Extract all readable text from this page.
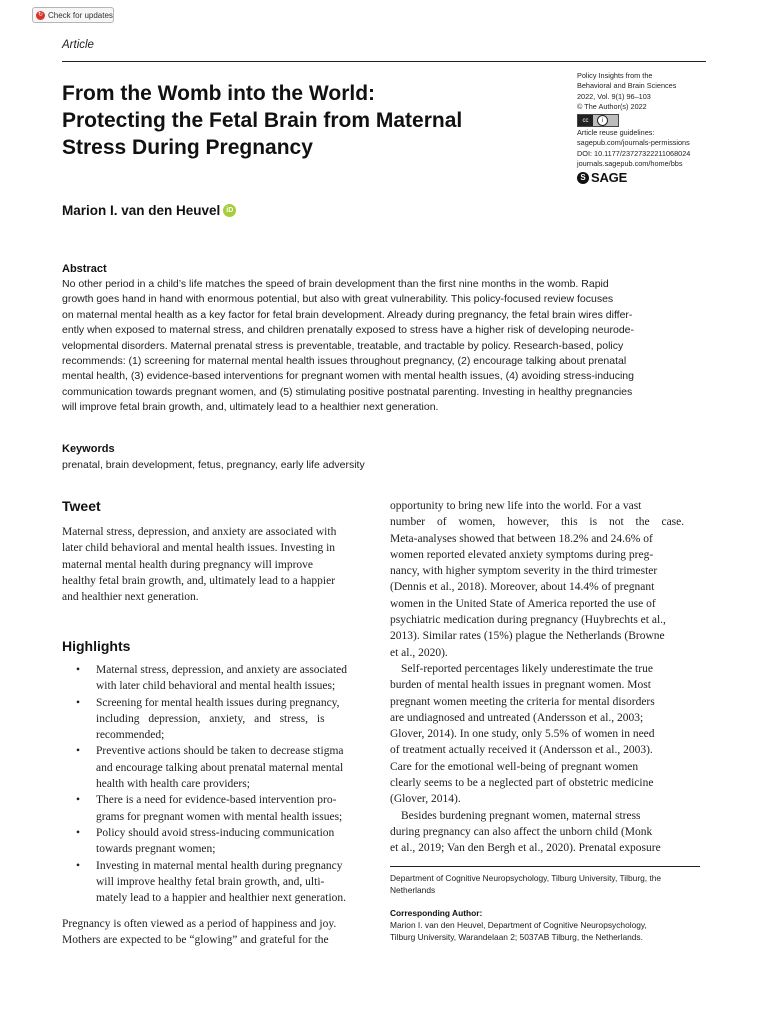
↻ Check for updates
Article
From the Womb into the World:
Protecting the Fetal Brain from Maternal
Stress During Pregnancy
Policy Insights from the
Behavioral and Brain Sciences
2022, Vol. 9(1) 96–103
© The Author(s) 2022
cc	i
Article reuse guidelines:
sagepub.com/journals-permissions
DOI: 10.1177/23727322211068024
journals.sagepub.com/home/bbs
S SAGE
Marion I. van den Heuvel iD
Abstract
No other period in a child’s life matches the speed of brain development than the first nine months in the womb. Rapid
growth goes hand in hand with enormous potential, but also with great vulnerability. This policy-focused review focuses
on maternal mental health as a key factor for fetal brain development. Already during pregnancy, the fetal brain wires differ-
ently when exposed to maternal stress, and children prenatally exposed to stress have a higher risk of developing neurode-
velopmental disorders. Maternal prenatal stress is preventable, treatable, and tractable by policy. Research-based, policy
recommends: (1) screening for maternal mental health issues throughout pregnancy, (2) encourage talking about prenatal
mental health, (3) evidence-based interventions for pregnant women with mental health issues, (4) avoiding stress-inducing
communication towards pregnant women, and (5) stimulating positive postnatal parenting. Investing in healthy pregnancies
will improve fetal brain growth, and, ultimately lead to a healthier next generation.
Keywords
prenatal, brain development, fetus, pregnancy, early life adversity
Tweet
Maternal stress, depression, and anxiety are associated with
later child behavioral and mental health issues. Investing in
maternal mental health during pregnancy will improve
healthy fetal brain growth, and, ultimately lead to a happier
and healthier next generation.
Highlights
• Maternal stress, depression, and anxiety are associated
with later child behavioral and mental health issues;
• Screening for mental health issues during pregnancy,
including depression, anxiety, and stress, is
recommended;
• Preventive actions should be taken to decrease stigma
and encourage talking about prenatal maternal mental
health with health care providers;
• There is a need for evidence-based intervention pro-
grams for pregnant women with mental health issues;
• Policy should avoid stress-inducing communication
towards pregnant women;
• Investing in maternal mental health during pregnancy
will improve healthy fetal brain growth, and, ulti-
mately lead to a happier and healthier next generation.
Pregnancy is often viewed as a period of happiness and joy.
Mothers are expected to be “glowing” and grateful for the
opportunity to bring new life into the world. For a vast
number of women, however, this is not the case.
Meta-analyses showed that between 18.2% and 24.6% of
women reported elevated anxiety symptoms during preg-
nancy, with higher symptom severity in the third trimester
(Dennis et al., 2018). Moreover, about 14.4% of pregnant
women in the United State of America reported the use of
psychiatric medication during pregnancy (Huybrechts et al.,
2013). Similar rates (15%) plague the Netherlands (Browne
et al., 2020).
Self-reported percentages likely underestimate the true
burden of mental health issues in pregnant women. Most
pregnant women meeting the criteria for mental disorders
are undiagnosed and untreated (Andersson et al., 2003;
Glover, 2014). In one study, only 5.5% of women in need
of treatment actually received it (Andersson et al., 2003).
Care for the emotional well-being of pregnant women
clearly seems to be a neglected part of obstetric medicine
(Glover, 2014).
Besides burdening pregnant women, maternal stress
during pregnancy can also affect the unborn child (Monk
et al., 2019; Van den Bergh et al., 2020). Prenatal exposure
Department of Cognitive Neuropsychology, Tilburg University, Tilburg, the
Netherlands
Corresponding Author:
Marion I. van den Heuvel, Department of Cognitive Neuropsychology,
Tilburg University, Warandelaan 2; 5037AB Tilburg, the Netherlands.
